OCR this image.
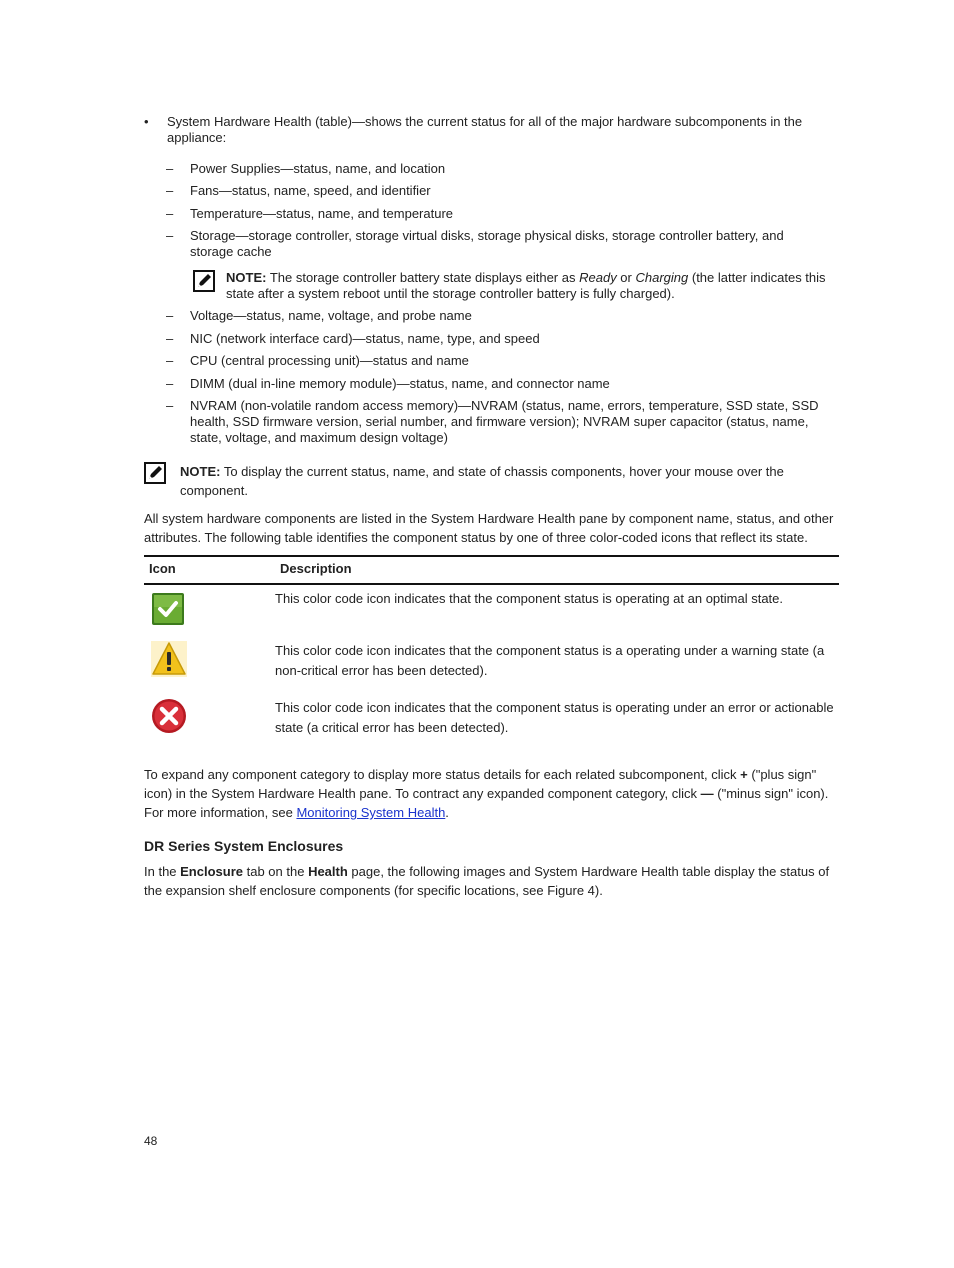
• System Hardware Health (table)—shows the current status for all of the major hardware subcomponents in the appliance:
– Power Supplies—status, name, and location
– Fans—status, name, speed, and identifier
– Temperature—status, name, and temperature
– Storage—storage controller, storage virtual disks, storage physical disks, storage controller battery, and storage cache
NOTE: The storage controller battery state displays either as Ready or Charging (the latter indicates this state after a system reboot until the storage controller battery is fully charged).
– Voltage—status, name, voltage, and probe name
– NIC (network interface card)—status, name, type, and speed
– CPU (central processing unit)—status and name
– DIMM (dual in-line memory module)—status, name, and connector name
– NVRAM (non-volatile random access memory)—NVRAM (status, name, errors, temperature, SSD state, SSD health, SSD firmware version, serial number, and firmware version); NVRAM super capacitor (status, name, state, voltage, and maximum design voltage)
NOTE: To display the current status, name, and state of chassis components, hover your mouse over the component.
All system hardware components are listed in the System Hardware Health pane by component name, status, and other attributes. The following table identifies the component status by one of three color-coded icons that reflect its state.
Icon	Description
	This color code icon indicates that the component status is operating at an optimal state.
	This color code icon indicates that the component status is a operating under a warning state (a non-critical error has been detected).
	This color code icon indicates that the component status is operating under an error or actionable state (a critical error has been detected).
To expand any component category to display more status details for each related subcomponent, click + ("plus sign" icon) in the System Hardware Health pane. To contract any expanded component category, click — ("minus sign" icon). For more information, see Monitoring System Health.
DR Series System Enclosures
In the Enclosure tab on the Health page, the following images and System Hardware Health table display the status of the expansion shelf enclosure components (for specific locations, see Figure 4).
48
